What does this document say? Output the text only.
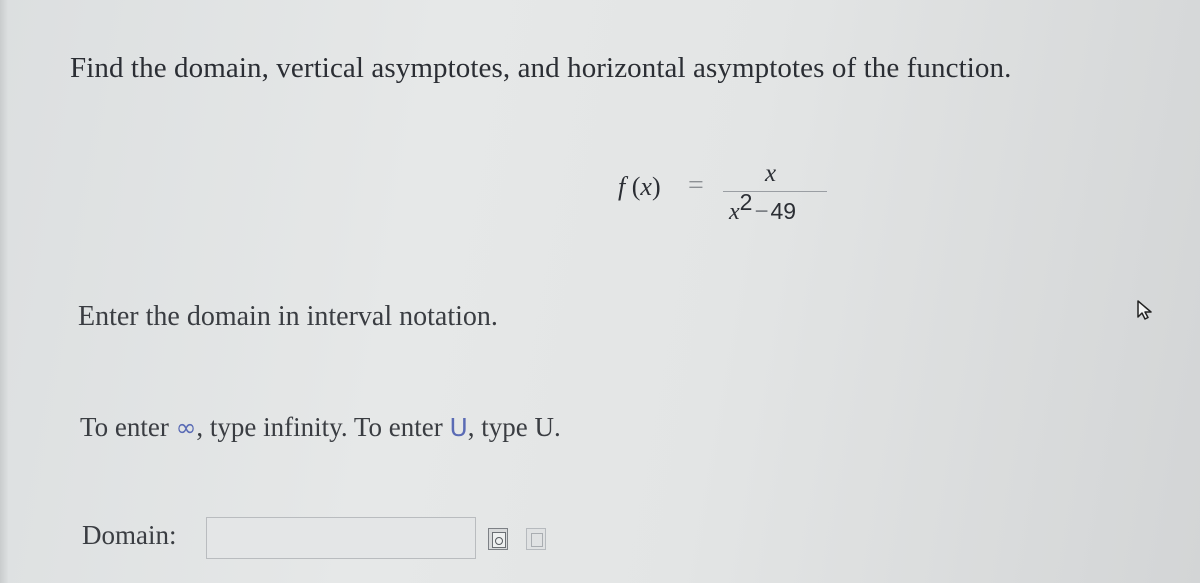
Find the domain, vertical asymptotes, and horizontal asymptotes of the function.
f (x) = x
x2−49
Enter the domain in interval notation.
To enter ∞, type infinity. To enter U, type U.
Domain:
